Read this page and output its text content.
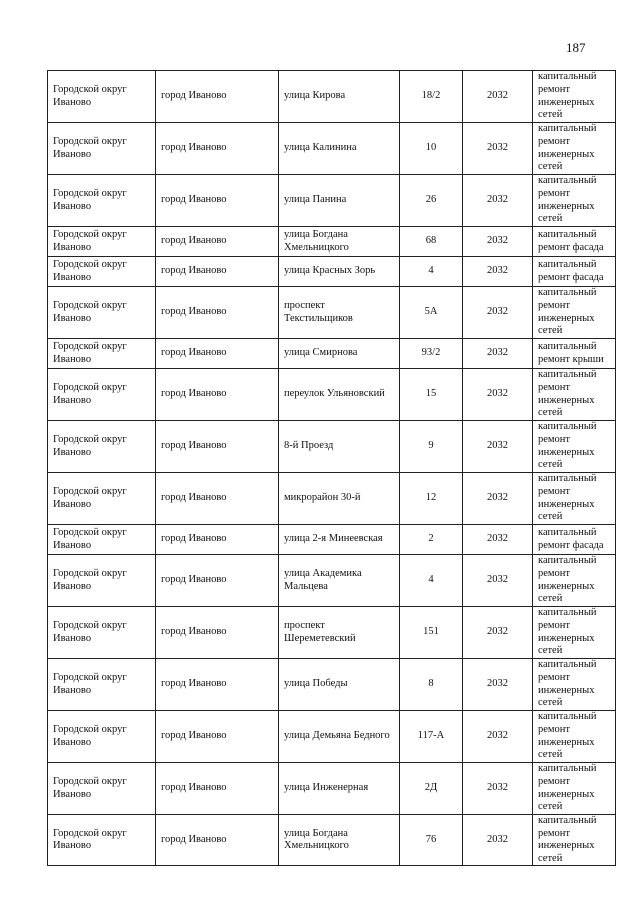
187
Городской округ Иваново	город Иваново	улица Кирова	18/2	2032	капитальный ремонт инженерных сетей
Городской округ Иваново	город Иваново	улица Калинина	10	2032	капитальный ремонт инженерных сетей
Городской округ Иваново	город Иваново	улица Панина	26	2032	капитальный ремонт инженерных сетей
Городской округ Иваново	город Иваново	улица Богдана Хмельницкого	68	2032	капитальный ремонт фасада
Городской округ Иваново	город Иваново	улица Красных Зорь	4	2032	капитальный ремонт фасада
Городской округ Иваново	город Иваново	проспект Текстильщиков	5А	2032	капитальный ремонт инженерных сетей
Городской округ Иваново	город Иваново	улица Смирнова	93/2	2032	капитальный ремонт крыши
Городской округ Иваново	город Иваново	переулок Ульяновский	15	2032	капитальный ремонт инженерных сетей
Городской округ Иваново	город Иваново	8-й Проезд	9	2032	капитальный ремонт инженерных сетей
Городской округ Иваново	город Иваново	микрорайон 30-й	12	2032	капитальный ремонт инженерных сетей
Городской округ Иваново	город Иваново	улица 2-я Минеевская	2	2032	капитальный ремонт фасада
Городской округ Иваново	город Иваново	улица Академика Мальцева	4	2032	капитальный ремонт инженерных сетей
Городской округ Иваново	город Иваново	проспект Шереметевский	151	2032	капитальный ремонт инженерных сетей
Городской округ Иваново	город Иваново	улица Победы	8	2032	капитальный ремонт инженерных сетей
Городской округ Иваново	город Иваново	улица Демьяна Бедного	117-А	2032	капитальный ремонт инженерных сетей
Городской округ Иваново	город Иваново	улица Инженерная	2Д	2032	капитальный ремонт инженерных сетей
Городской округ Иваново	город Иваново	улица Богдана Хмельницкого	76	2032	капитальный ремонт инженерных сетей
